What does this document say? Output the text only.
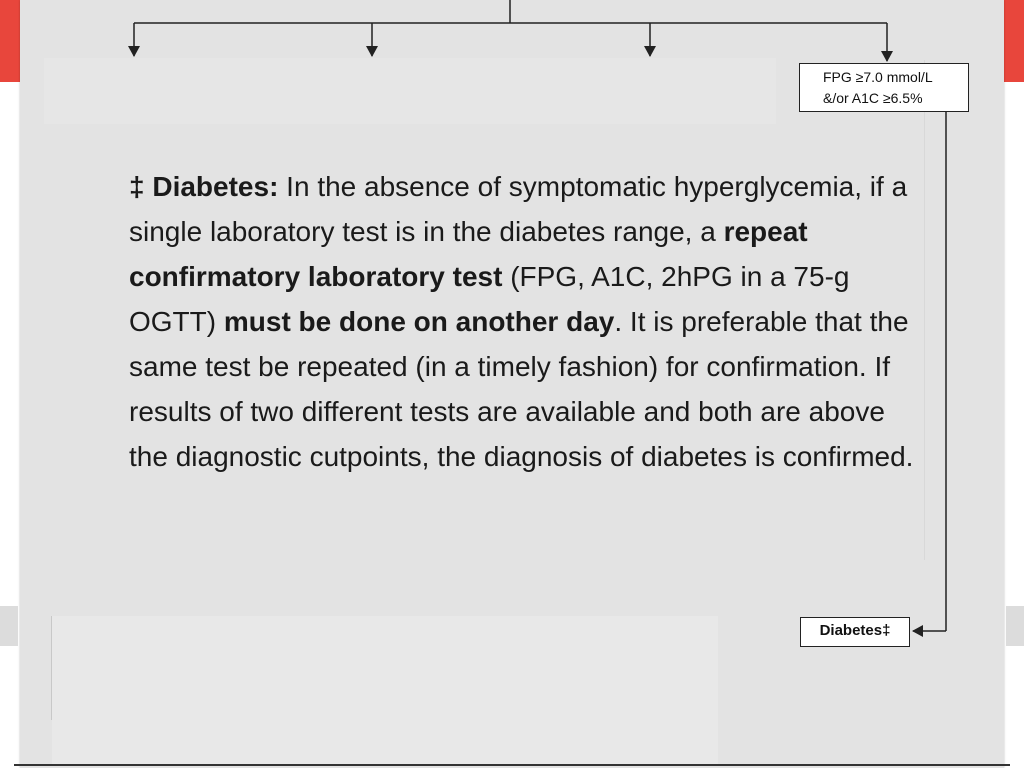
FPG ≥7.0 mmol/L
&/or A1C ≥6.5%
Diabetes‡

‡ Diabetes: In the absence of symptomatic hyperglycemia, if a single laboratory test is in the diabetes range, a repeat confirmatory laboratory test (FPG, A1C, 2hPG in a 75-g OGTT) must be done on another day. It is preferable that the same test be repeated (in a timely fashion) for confirmation. If results of two different tests are available and both are above the diagnostic cutpoints, the diagnosis of diabetes is confirmed.
